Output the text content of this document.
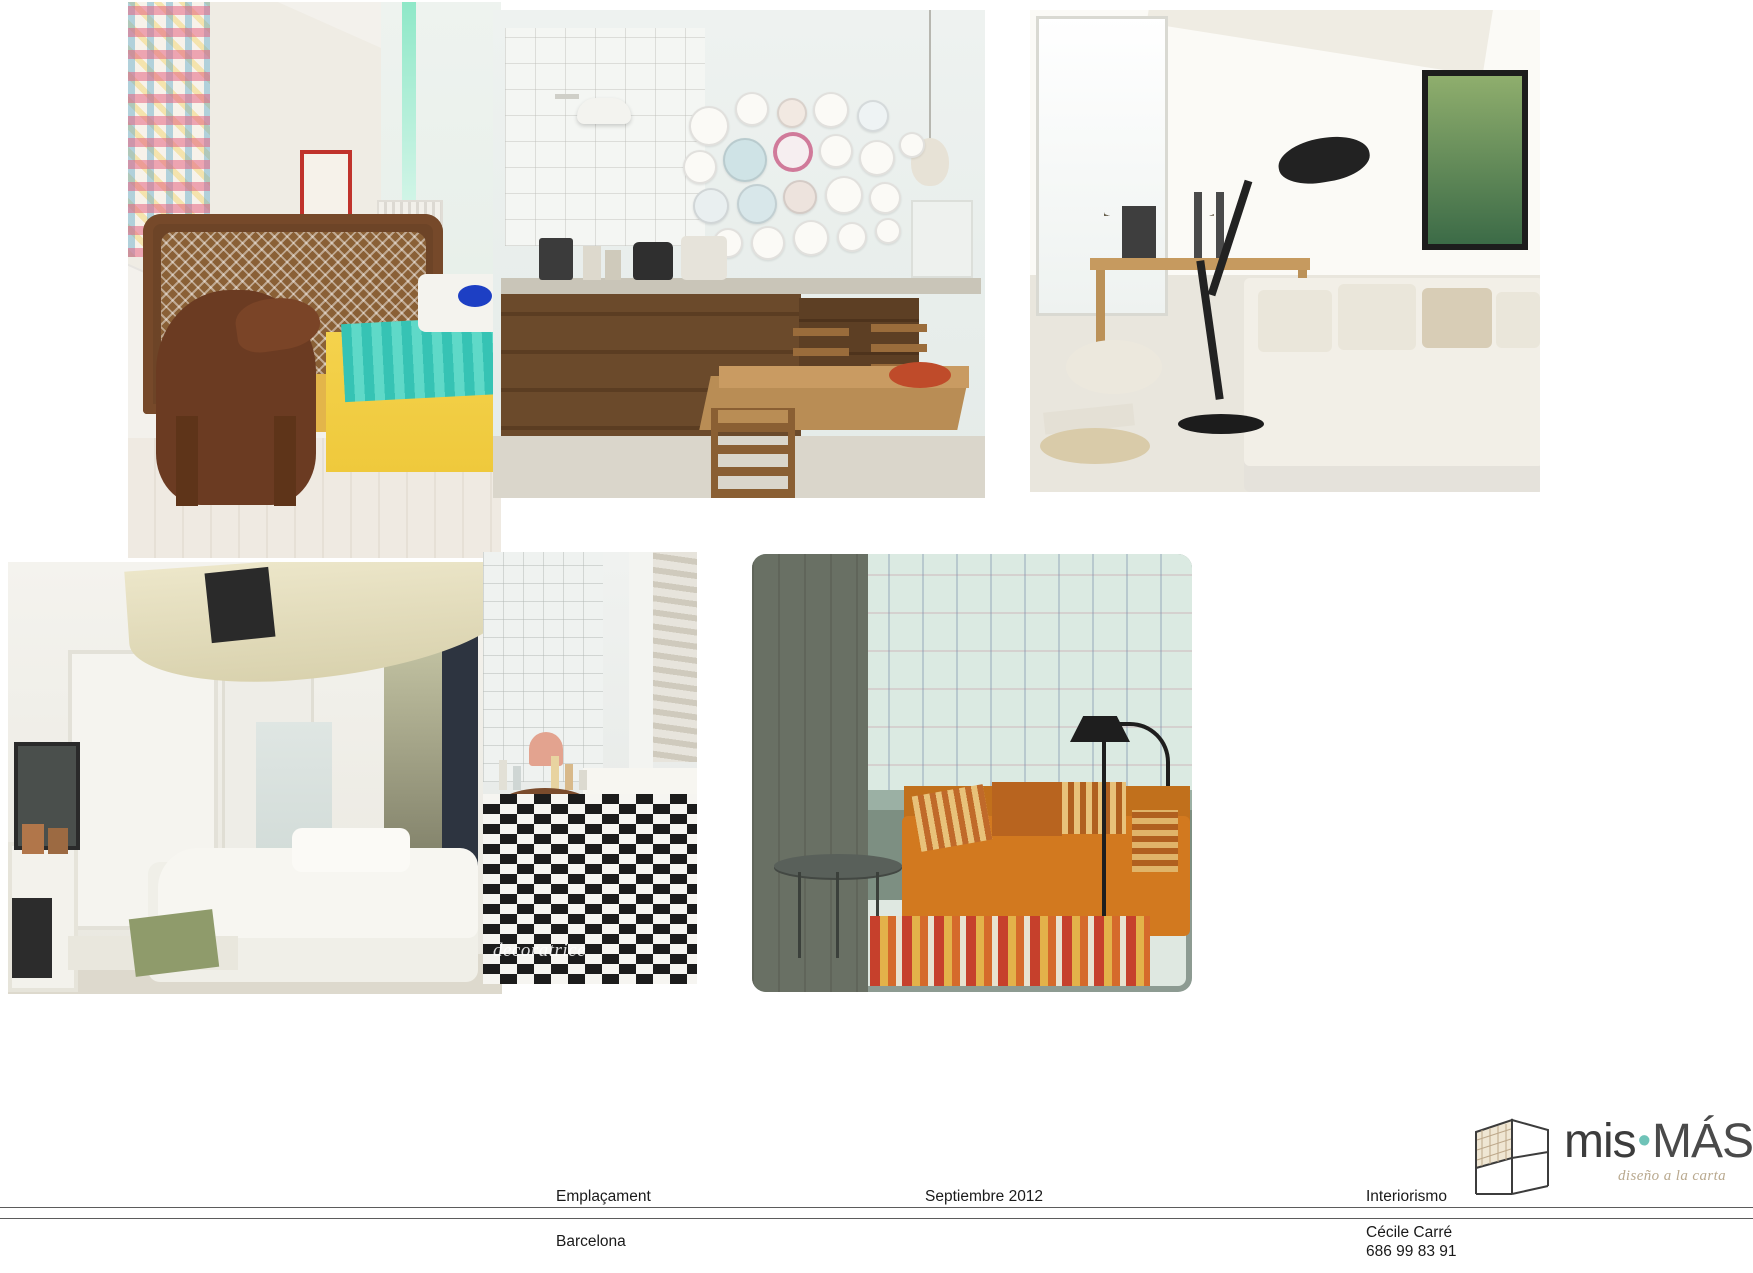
decoratrice
mis•MÁS
diseño a la carta
Emplaçament	Septiembre 2012	Interiorismo
Barcelona
Cécile Carré
686 99 83 91
